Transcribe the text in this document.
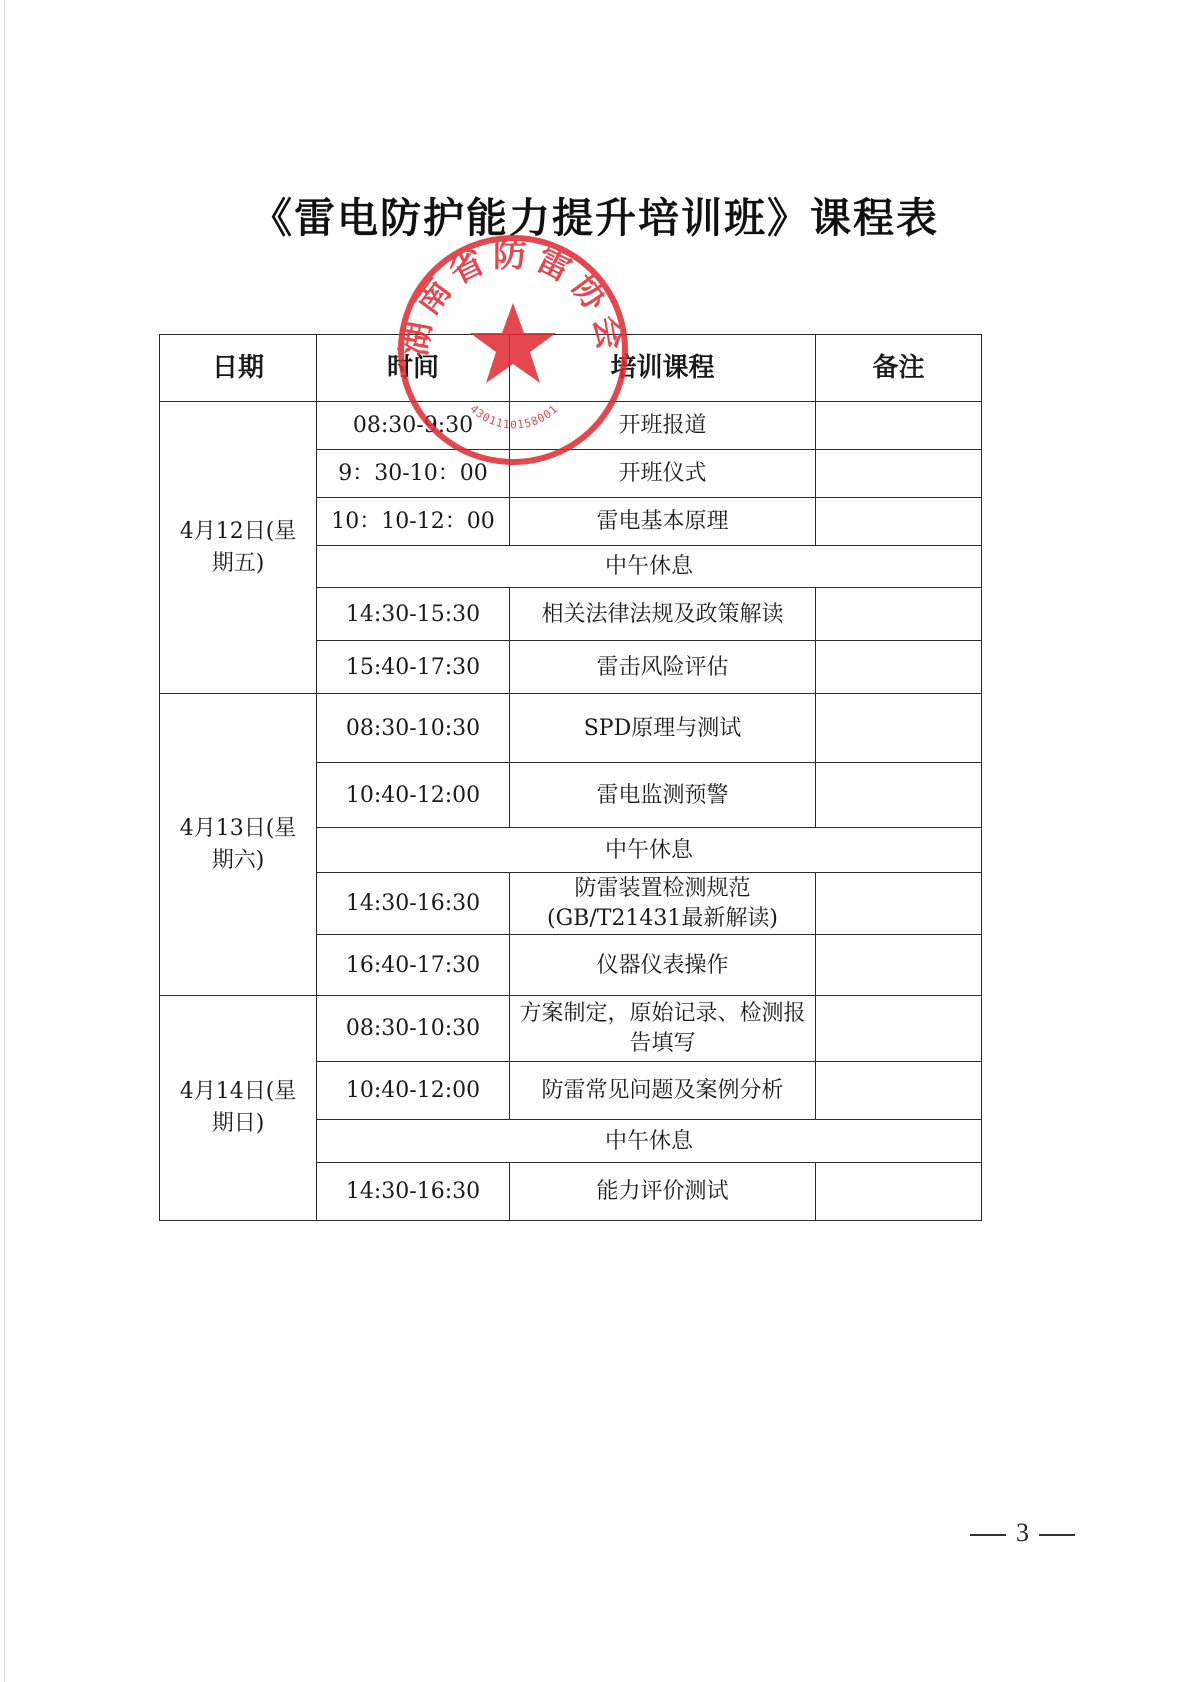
《雷电防护能力提升培训班》课程表
日期	时间	培训课程	备注
4月12日(星期五)	08:30-9:30	开班报道	
	9：30-10：00	开班仪式	
	10：10-12：00	雷电基本原理	
	中午休息		
	14:30-15:30	相关法律法规及政策解读	
	15:40-17:30	雷击风险评估	
4月13日(星期六)	08:30-10:30	SPD原理与测试	
	10:40-12:00	雷电监测预警	
	中午休息		
	14:30-16:30	防雷装置检测规范(GB/T21431最新解读)	
	16:40-17:30	仪器仪表操作	
4月14日(星期日)	08:30-10:30	方案制定，原始记录、检测报告填写	
	10:40-12:00	防雷常见问题及案例分析	
	中午休息		
	14:30-16:30	能力评价测试	
湖南省防雷协会
4301110158001
3
